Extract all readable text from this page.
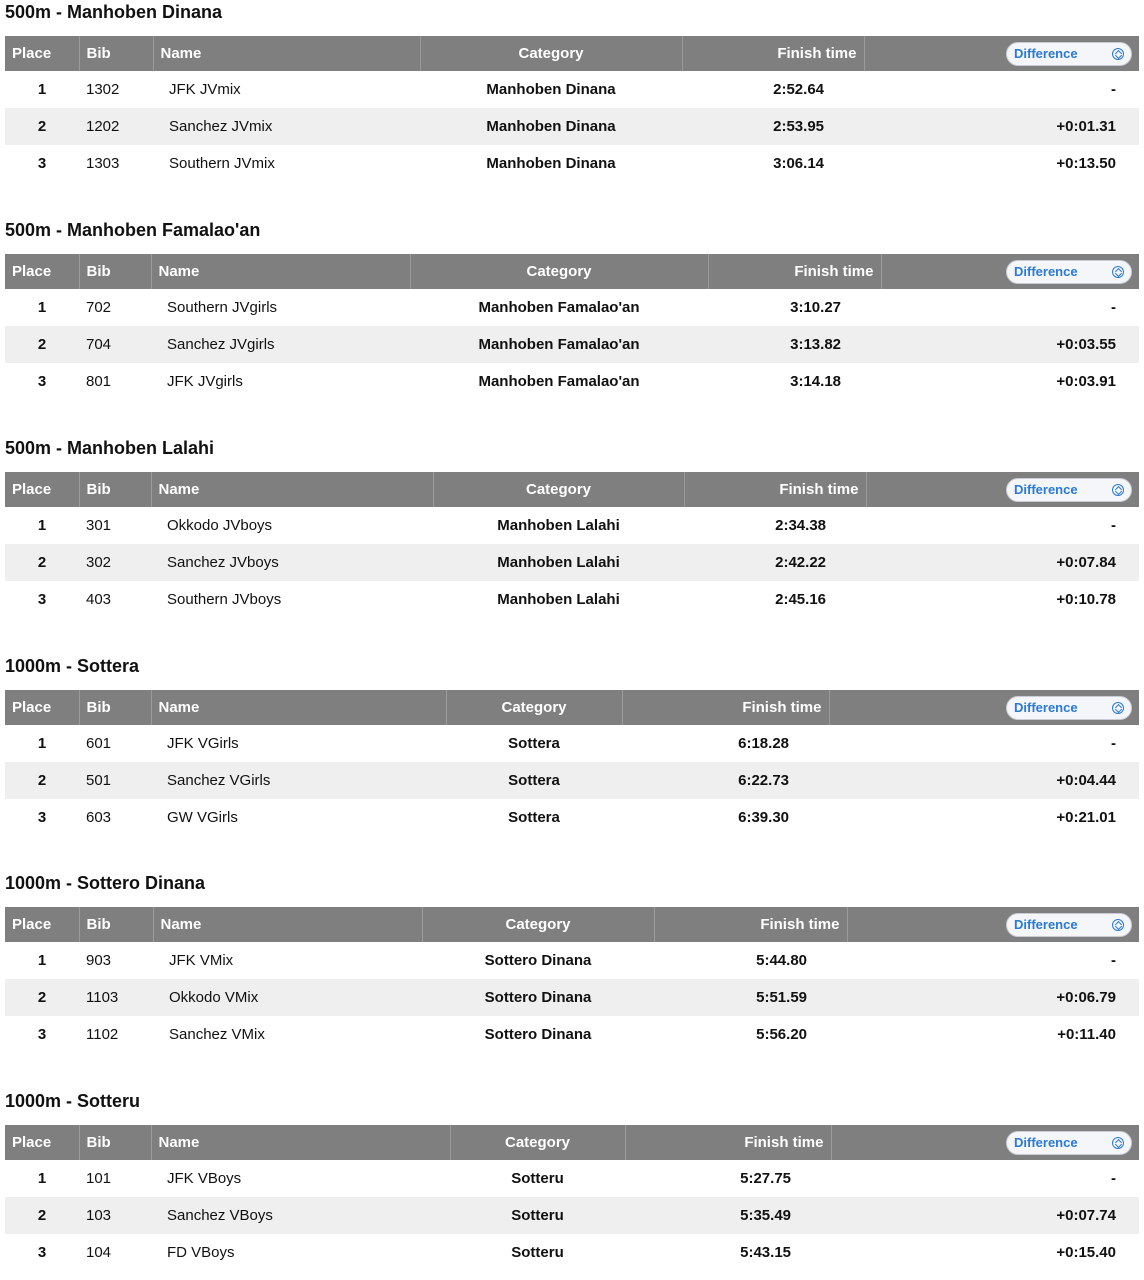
500m - Manhoben Dinana
Place	Bib	Name	Category	Finish time	Difference

1	1302	JFK JVmix	Manhoben Dinana	2:52.64	-
2	1202	Sanchez JVmix	Manhoben Dinana	2:53.95	+0:01.31
3	1303	Southern JVmix	Manhoben Dinana	3:06.14	+0:13.50
500m - Manhoben Famalao'an
Place	Bib	Name	Category	Finish time	Difference

1	702	Southern JVgirls	Manhoben Famalao'an	3:10.27	-
2	704	Sanchez JVgirls	Manhoben Famalao'an	3:13.82	+0:03.55
3	801	JFK JVgirls	Manhoben Famalao'an	3:14.18	+0:03.91
500m - Manhoben Lalahi
Place	Bib	Name	Category	Finish time	Difference

1	301	Okkodo JVboys	Manhoben Lalahi	2:34.38	-
2	302	Sanchez JVboys	Manhoben Lalahi	2:42.22	+0:07.84
3	403	Southern JVboys	Manhoben Lalahi	2:45.16	+0:10.78
1000m - Sottera
Place	Bib	Name	Category	Finish time	Difference

1	601	JFK VGirls	Sottera	6:18.28	-
2	501	Sanchez VGirls	Sottera	6:22.73	+0:04.44
3	603	GW VGirls	Sottera	6:39.30	+0:21.01
1000m - Sottero Dinana
Place	Bib	Name	Category	Finish time	Difference

1	903	JFK VMix	Sottero Dinana	5:44.80	-
2	1103	Okkodo VMix	Sottero Dinana	5:51.59	+0:06.79
3	1102	Sanchez VMix	Sottero Dinana	5:56.20	+0:11.40
1000m - Sotteru
Place	Bib	Name	Category	Finish time	Difference

1	101	JFK VBoys	Sotteru	5:27.75	-
2	103	Sanchez VBoys	Sotteru	5:35.49	+0:07.74
3	104	FD VBoys	Sotteru	5:43.15	+0:15.40
